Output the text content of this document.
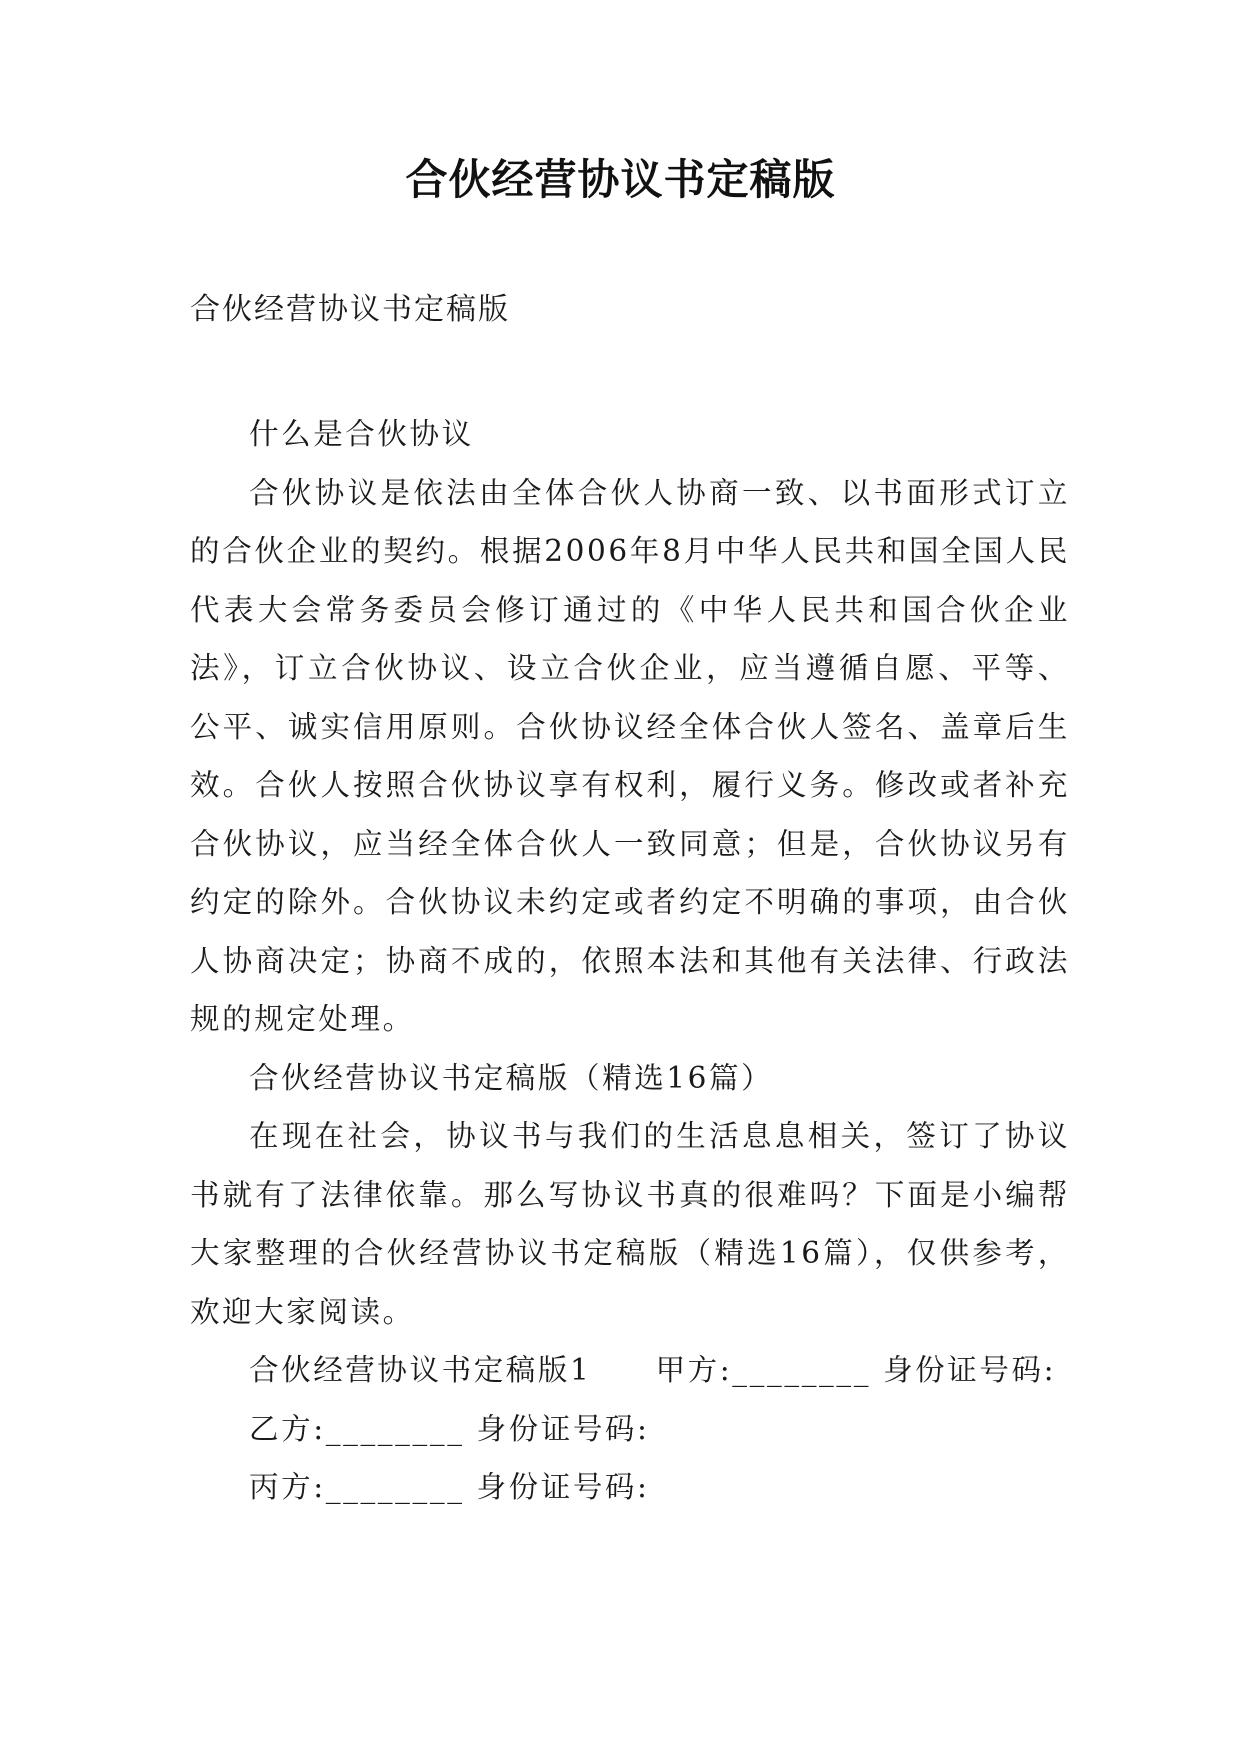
合伙经营协议书定稿版

合伙经营协议书定稿版

什么是合伙协议

合伙协议是依法由全体合伙人协商一致、以书面形式订立的合伙企业的契约。根据2006年8月中华人民共和国全国人民代表大会常务委员会修订通过的《中华人民共和国合伙企业法》，订立合伙协议、设立合伙企业，应当遵循自愿、平等、公平、诚实信用原则。合伙协议经全体合伙人签名、盖章后生效。合伙人按照合伙协议享有权利，履行义务。修改或者补充合伙协议，应当经全体合伙人一致同意；但是，合伙协议另有约定的除外。合伙协议未约定或者约定不明确的事项，由合伙人协商决定；协商不成的，依照本法和其他有关法律、行政法规的规定处理。

合伙经营协议书定稿版（精选16篇）

在现在社会，协议书与我们的生活息息相关，签订了协议书就有了法律依靠。那么写协议书真的很难吗？下面是小编帮大家整理的合伙经营协议书定稿版（精选16篇），仅供参考，欢迎大家阅读。

合伙经营协议书定稿版1　　甲方:________ 身份证号码:

乙方:________ 身份证号码:

丙方:________ 身份证号码:
